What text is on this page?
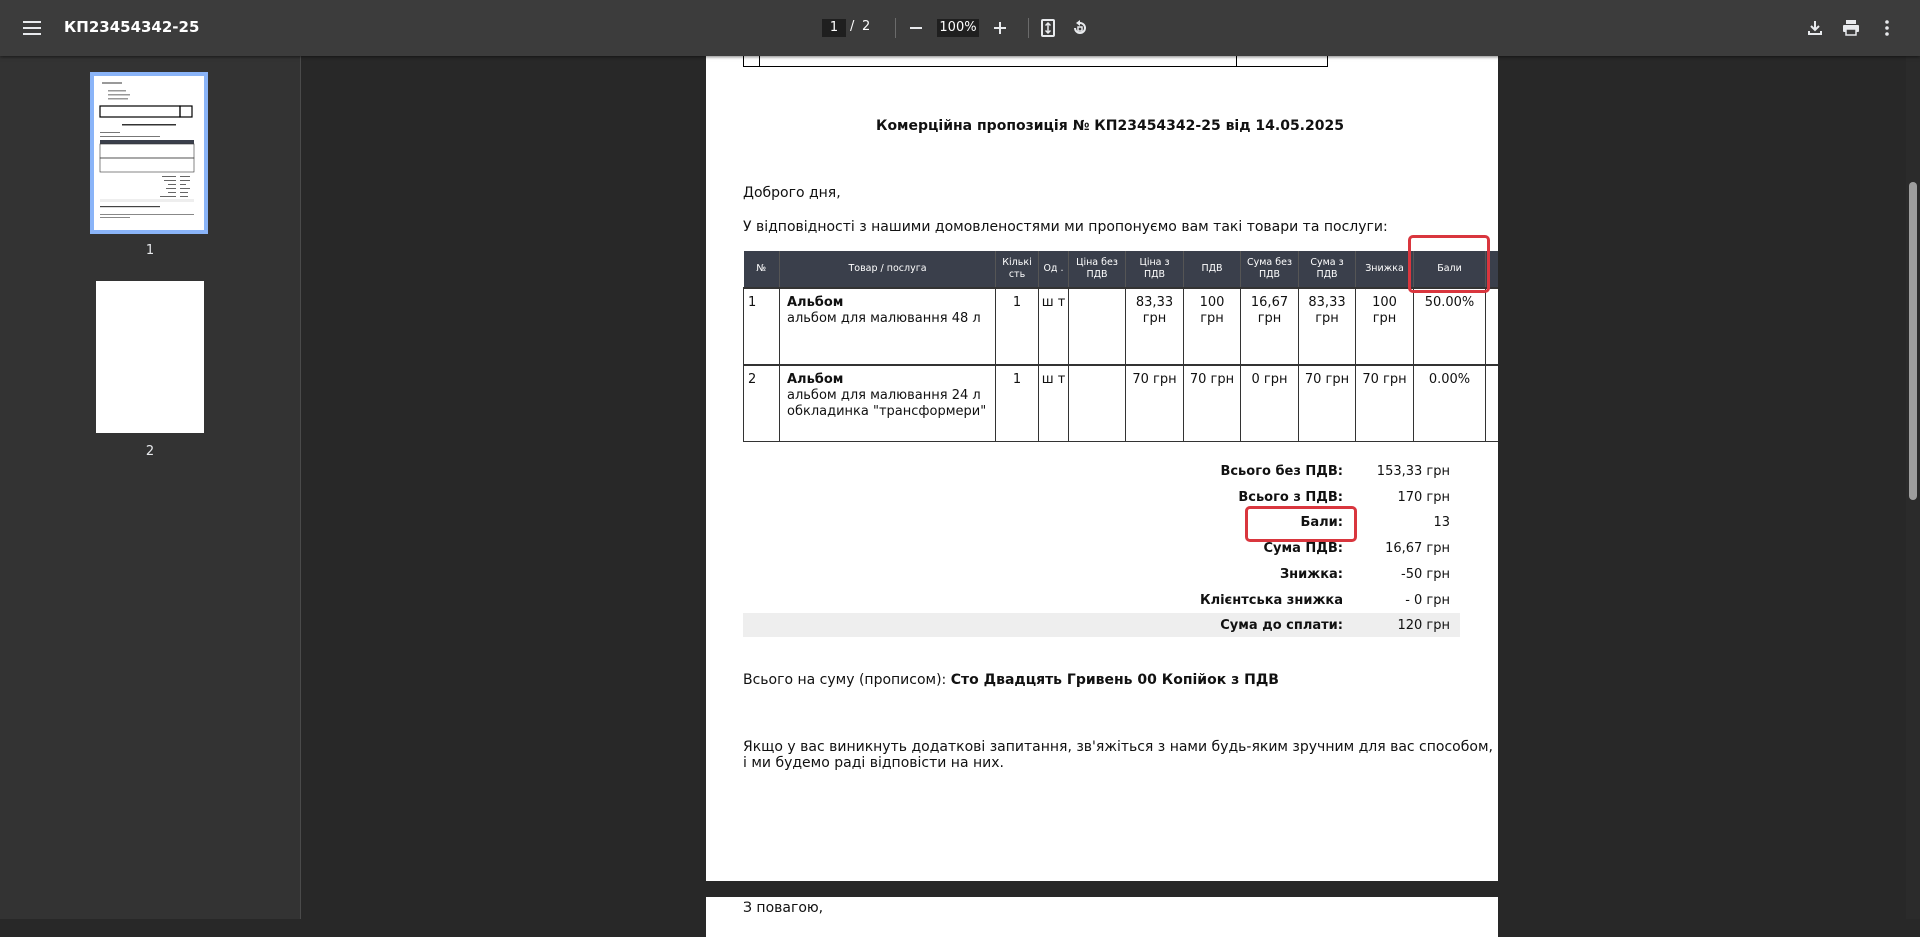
КП23454342-25	1 / 2	100%
1
2
Комерційна пропозиція № КП23454342-25 від 14.05.2025
Доброго дня,
У відповідності з нашими домовленостями ми пропонуємо вам такі товари та послуги:
№	Товар / послуга	Кількі сть	Од .	Ціна без ПДВ	Ціна з ПДВ	ПДВ	Сума без ПДВ	Сума з ПДВ	Знижка	Бали	
1	Альбом
альбом для малювання 48 л	1	ш т		83,33 грн	100 грн	16,67 грн	83,33 грн	100 грн	50.00%	
2	Альбом
альбом для малювання 24 л
обкладинка "трансформери"	1	ш т		70 грн	70 грн	0 грн	70 грн	70 грн	0.00%	
Всього без ПДВ:	153,33 грн
Всього з ПДВ:	170 грн
Бали:	13
Сума ПДВ:	16,67 грн
Знижка:	-50 грн
Клієнтська знижка	- 0 грн
Сума до сплати:	120 грн
Всього на суму (прописом): Сто Двадцять Гривень 00 Копійок з ПДВ
Якщо у вас виникнуть додаткові запитання, зв'яжіться з нами будь-яким зручним для вас способом,
і ми будемо раді відповісти на них.
З повагою,
